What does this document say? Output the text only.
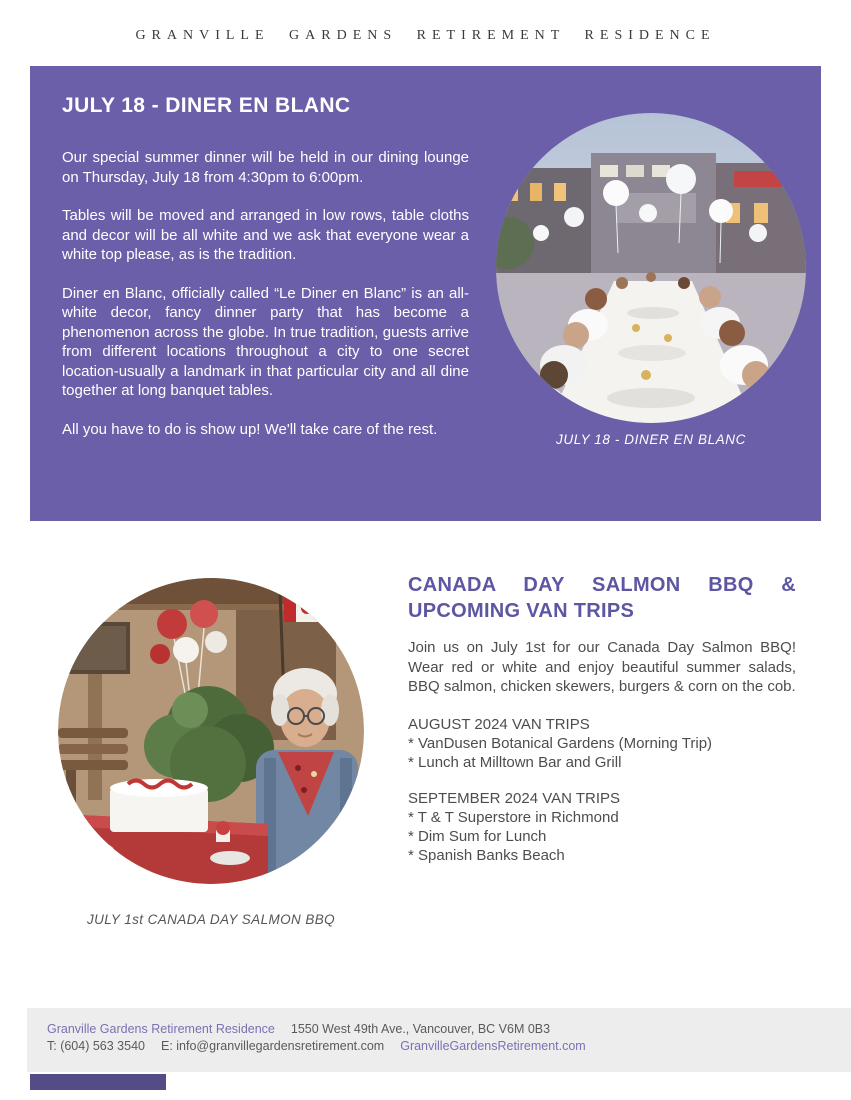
GRANVILLE GARDENS RETIREMENT RESIDENCE
JULY 18 - DINER EN BLANC

Our special summer dinner will be held in our dining lounge on Thursday, July 18 from 4:30pm to 6:00pm.

Tables will be moved and arranged in low rows, table cloths and decor will be all white and we ask that everyone wear a white top please, as is the tradition.

Diner en Blanc, officially called “Le Diner en Blanc” is an all-white decor, fancy dinner party that has become a phenomenon across the globe. In true tradition, guests arrive from different locations throughout a city to one secret location-usually a landmark in that particular city and all dine together at long banquet tables.

All you have to do is show up! We'll take care of the rest.

JULY 18 - DINER EN BLANC
JULY 1st CANADA DAY SALMON BBQ
CANADA DAY SALMON BBQ & UPCOMING VAN TRIPS

Join us on July 1st for our Canada Day Salmon BBQ! Wear red or white and enjoy beautiful summer salads, BBQ salmon, chicken skewers, burgers & corn on the cob.

AUGUST 2024 VAN TRIPS
* VanDusen Botanical Gardens (Morning Trip)
* Lunch at Milltown Bar and Grill
SEPTEMBER 2024 VAN TRIPS
* T & T Superstore in Richmond
* Dim Sum for Lunch
* Spanish Banks Beach
Granville Gardens Retirement Residence 1550 West 49th Ave., Vancouver, BC V6M 0B3
T: (604) 563 3540 E: info@granvillegardensretirement.com GranvilleGardensRetirement.com
